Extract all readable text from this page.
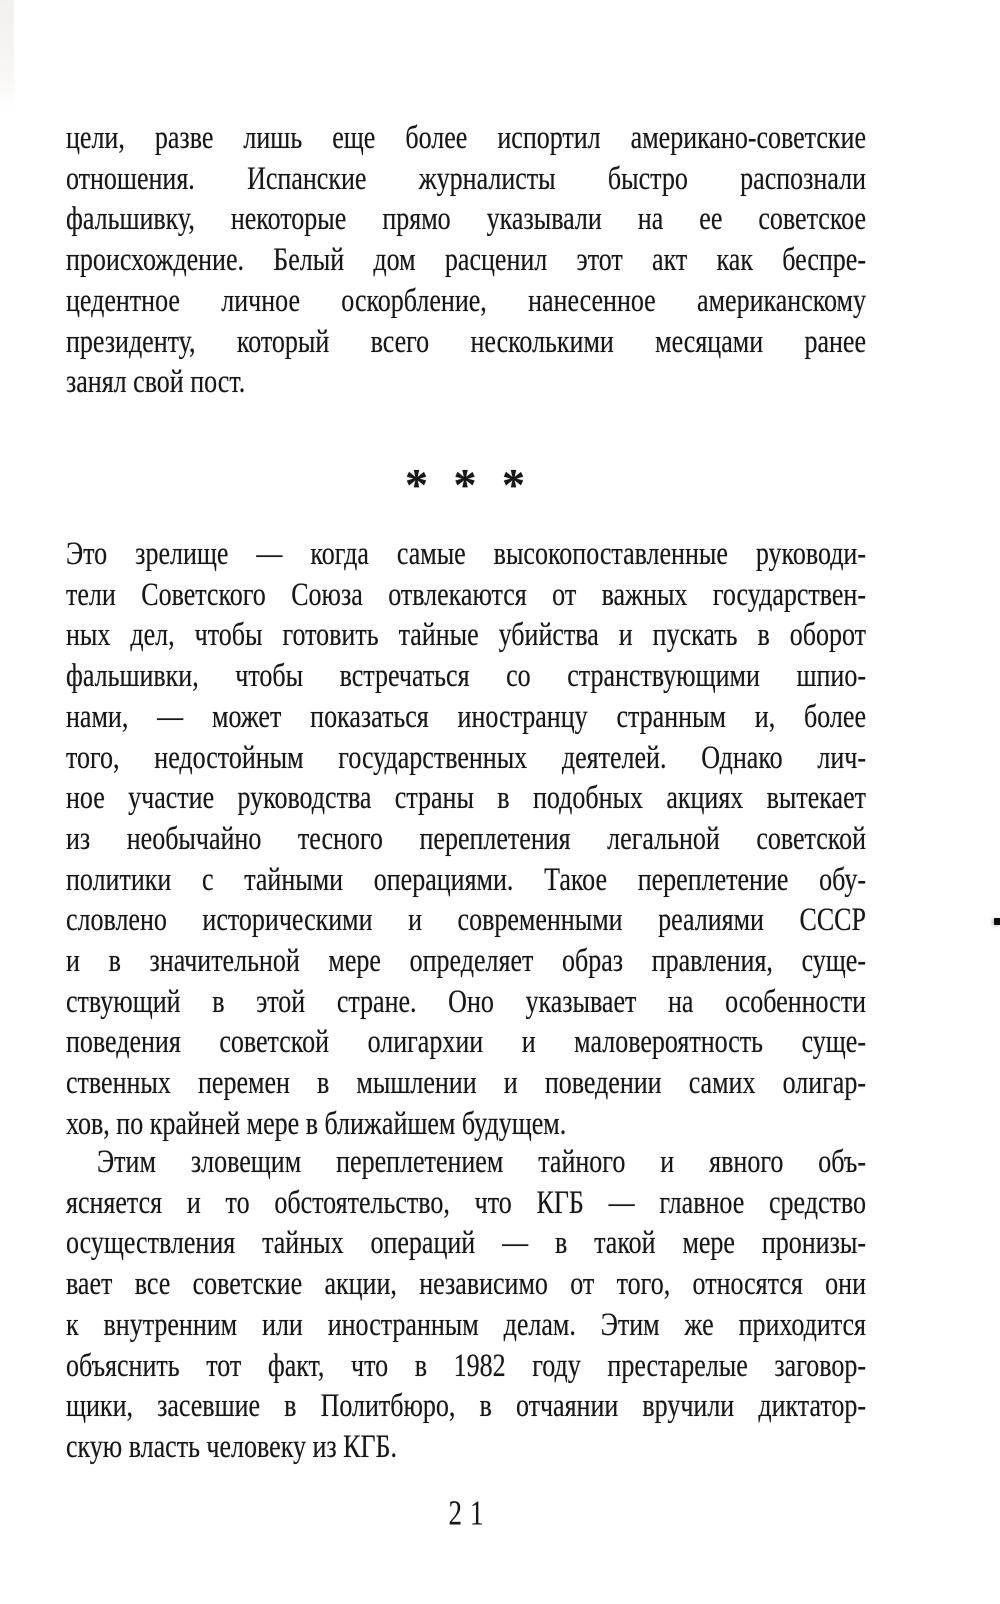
цели, разве лишь еще более испортил американо-советские
отношения. Испанские журналисты быстро распознали
фальшивку, некоторые прямо указывали на ее советское
происхождение. Белый дом расценил этот акт как беспре-
цедентное личное оскорбление, нанесенное американскому
президенту, который всего несколькими месяцами ранее
занял свой пост.
* * *
Это зрелище — когда самые высокопоставленные руководи-
тели Советского Союза отвлекаются от важных государствен-
ных дел, чтобы готовить тайные убийства и пускать в оборот
фальшивки, чтобы встречаться со странствующими шпио-
нами, — может показаться иностранцу странным и, более
того, недостойным государственных деятелей. Однако лич-
ное участие руководства страны в подобных акциях вытекает
из необычайно тесного переплетения легальной советской
политики с тайными операциями. Такое переплетение обу-
словлено историческими и современными реалиями СССР
и в значительной мере определяет образ правления, суще-
ствующий в этой стране. Оно указывает на особенности
поведения советской олигархии и маловероятность суще-
ственных перемен в мышлении и поведении самих олигар-
хов, по крайней мере в ближайшем будущем.
Этим зловещим переплетением тайного и явного объ-
ясняется и то обстоятельство, что КГБ — главное средство
осуществления тайных операций — в такой мере пронизы-
вает все советские акции, независимо от того, относятся они
к внутренним или иностранным делам. Этим же приходится
объяснить тот факт, что в 1982 году престарелые заговор-
щики, засевшие в Политбюро, в отчаянии вручили диктатор-
скую власть человеку из КГБ.
21
